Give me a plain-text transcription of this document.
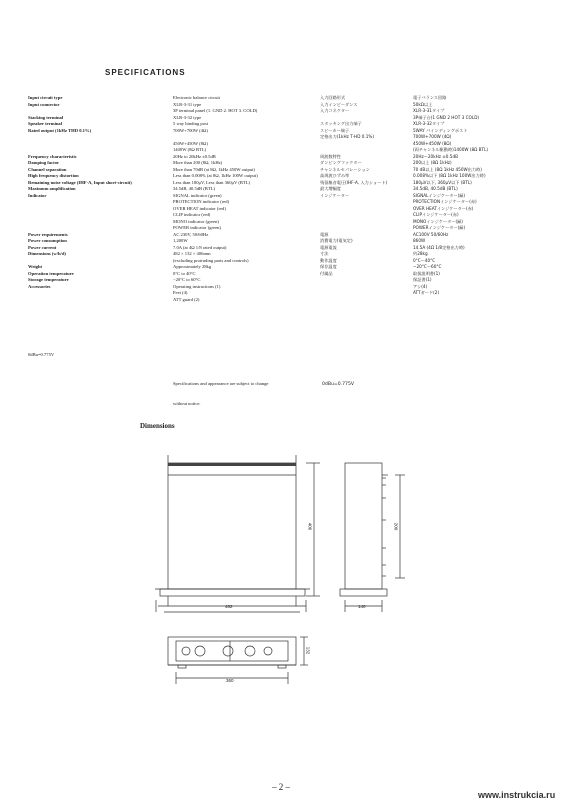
SPECIFICATIONS
Input circuit type
Input connector
Stacking terminal
Speaker terminal
Rated output (1kHz THD 0.1%)
Frequency characteristic
Damping factor
Channel separation
High frequency distortion
Remaining noise voltage (IHF-A, Input short-circuit)
Maximum amplification
Indicator
Power requirements
Power consumption
Power current
Dimensions (w/h/d)
Weight
Operation temperature
Storage temperature
Accessories
Electronic balance circuit
XLR-3-31 type
3P terminal panel (1. GND 2. HOT 3. COLD)
XLR-3-32 type
5 way binding post
700W+700W (4Ω)
450W+450W (8Ω)
1400W (8Ω BTL)
20Hz to 20kHz ±0.5dB
More than 200 (8Ω, 1kHz)
More than 70dB (at 8Ω, 1kHz 450W output)
Less than 0.008% (at 8Ω, 1kHz 100W output)
Less than 180μV, Less than 360μV (BTL)
34.5dB, 40.5dB (BTL)
SIGNAL indicator (green)
PROTECTION indicator (red)
OVER HEAT indicator (red)
CLIP indicator (red)
MONO indicator (green)
POWER indicator (green)
AC 230V, 50/60Hz
1,200W
7.0A (at 4Ω 1/8 rated output)
482 × 132 × 406mm
(excluding protruding parts and controls)
Approximately 28kg
0°C to 40°C
−20°C to 60°C
Operating instructions (1)
Feet (4)
ATT guard (2)
入力回路形式
入力インピーダンス
入力コネクター
スタッキング出力端子
スピーカー端子
定格出力(1kHz T·HD 0.1%)
周波数特性
ダンピングファクター
チャンネルセパレーション
高周波ひずみ率
残留雑音電圧(IHF-A, 入力ショート)
最大増幅度
インジケーター
電源
消費電力(電気定)
電源電流
寸法
動作温度
保存温度
付属品
電子バランス回路
50kΩ以上
XLR-3-31タイプ
3P端子台(1 GND 2 HOT 3 COLD)
XLR-3-32タイプ
5WAY バインディングポスト
700W+700W (4Ω)
450W+450W (8Ω)
(両チャンネル駆動時)1400W (8Ω BTL)
20Hz～20kHz ±0.5dB
200以上 (8Ω 1kHz)
70 dB以上 (8Ω 1kHz 450W出力時)
0.008%以下 (8Ω 1kHz 100W出力時)
180μV以下, 360μV以下 (BTL)
34.5dB, 40.5dB (BTL)
SIGNALインジケーター(緑)
PROTECTIONインジケーター(赤)
OVER HEATインジケーター(赤)
CLIPインジケーター(赤)
MONOインジケーター(緑)
POWERインジケーター(緑)
AC100V 50/60Hz
860W
14.5A (4Ω 1/8定格出力時)
約28kg
0°C～40°C
−20°C～60°C
取扱説明書(1)
保証書(1)
アシ(4)
ATTガード(2)
0dBu=0.775V

Specifications and appearance are subject to change

without notice.

0dBu=0.775V
Dimensions
482
406
140
200
360
132
– 2 –
www.instrukcia.ru
